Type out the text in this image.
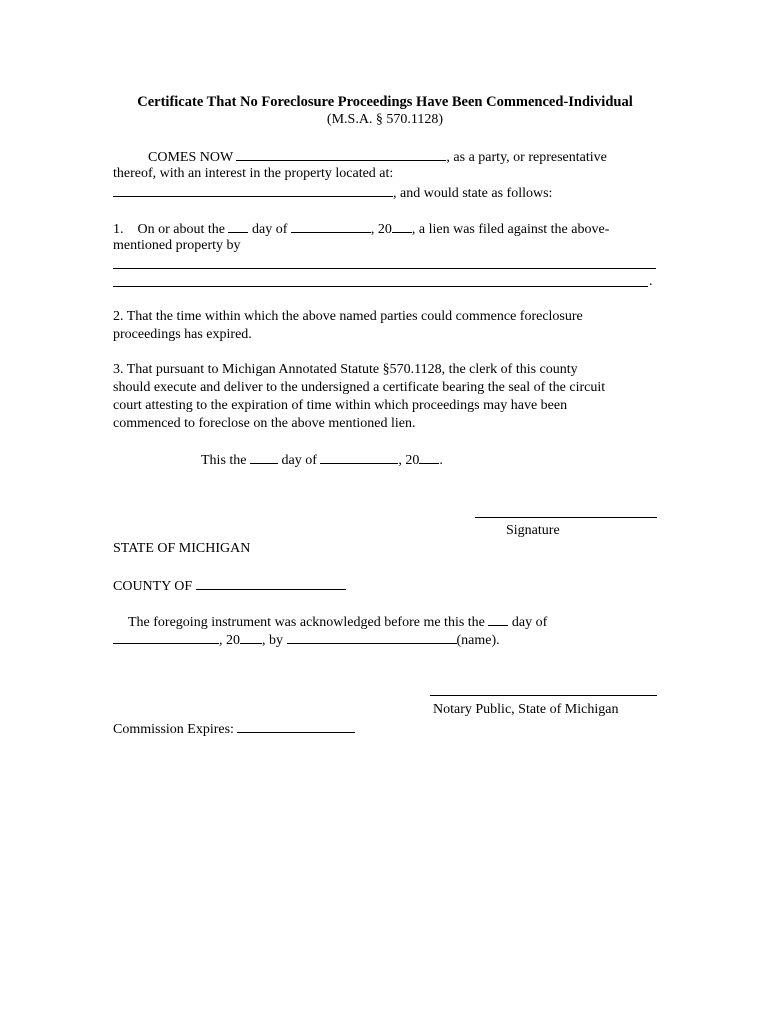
Certificate That No Foreclosure Proceedings Have Been Commenced-Individual
(M.S.A. § 570.1128)
COMES NOW	, as a party, or representative
thereof, with an interest in the property located at:
, and would state as follows:
1. On or about the day of	, 20 , a lien was filed against the above-
mentioned property by
.
2. That the time within which the above named parties could commence foreclosure
proceedings has expired.
3. That pursuant to Michigan Annotated Statute §570.1128, the clerk of this county
should execute and deliver to the undersigned a certificate bearing the seal of the circuit
court attesting to the expiration of time within which proceedings may have been
commenced to foreclose on the above mentioned lien.
This the	day of	, 20 .
Signature
STATE OF MICHIGAN
COUNTY OF
The foregoing instrument was acknowledged before me this the day of
, 20 , by	(name).
Notary Public, State of Michigan
Commission Expires:
